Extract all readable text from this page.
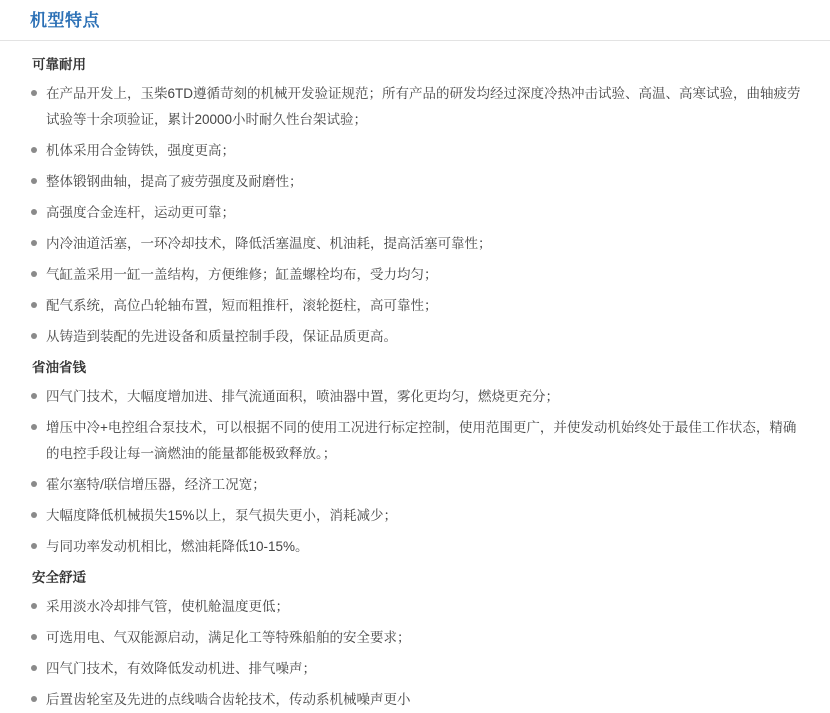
机型特点
可靠耐用
在产品开发上，玉柴6TD遵循苛刻的机械开发验证规范；所有产品的研发均经过深度冷热冲击试验、高温、高寒试验，曲轴疲劳试验等十余项验证，累计20000小时耐久性台架试验；
机体采用合金铸铁，强度更高；
整体锻钢曲轴，提高了疲劳强度及耐磨性；
高强度合金连杆，运动更可靠；
内冷油道活塞，一环冷却技术，降低活塞温度、机油耗，提高活塞可靠性；
气缸盖采用一缸一盖结构，方便维修；缸盖螺栓均布，受力均匀；
配气系统，高位凸轮轴布置，短而粗推杆，滚轮挺柱，高可靠性；
从铸造到装配的先进设备和质量控制手段，保证品质更高。
省油省钱
四气门技术，大幅度增加进、排气流通面积，喷油器中置，雾化更均匀，燃烧更充分；
增压中冷+电控组合泵技术，可以根据不同的使用工况进行标定控制，使用范围更广，并使发动机始终处于最佳工作状态，精确的电控手段让每一滴燃油的能量都能极致释放。；
霍尔塞特/联信增压器，经济工况宽；
大幅度降低机械损失15%以上，泵气损失更小，消耗减少；
与同功率发动机相比，燃油耗降低10-15%。
安全舒适
采用淡水冷却排气管，使机舱温度更低；
可选用电、气双能源启动，满足化工等特殊船舶的安全要求；
四气门技术，有效降低发动机进、排气噪声；
后置齿轮室及先进的点线啮合齿轮技术，传动系机械噪声更小
